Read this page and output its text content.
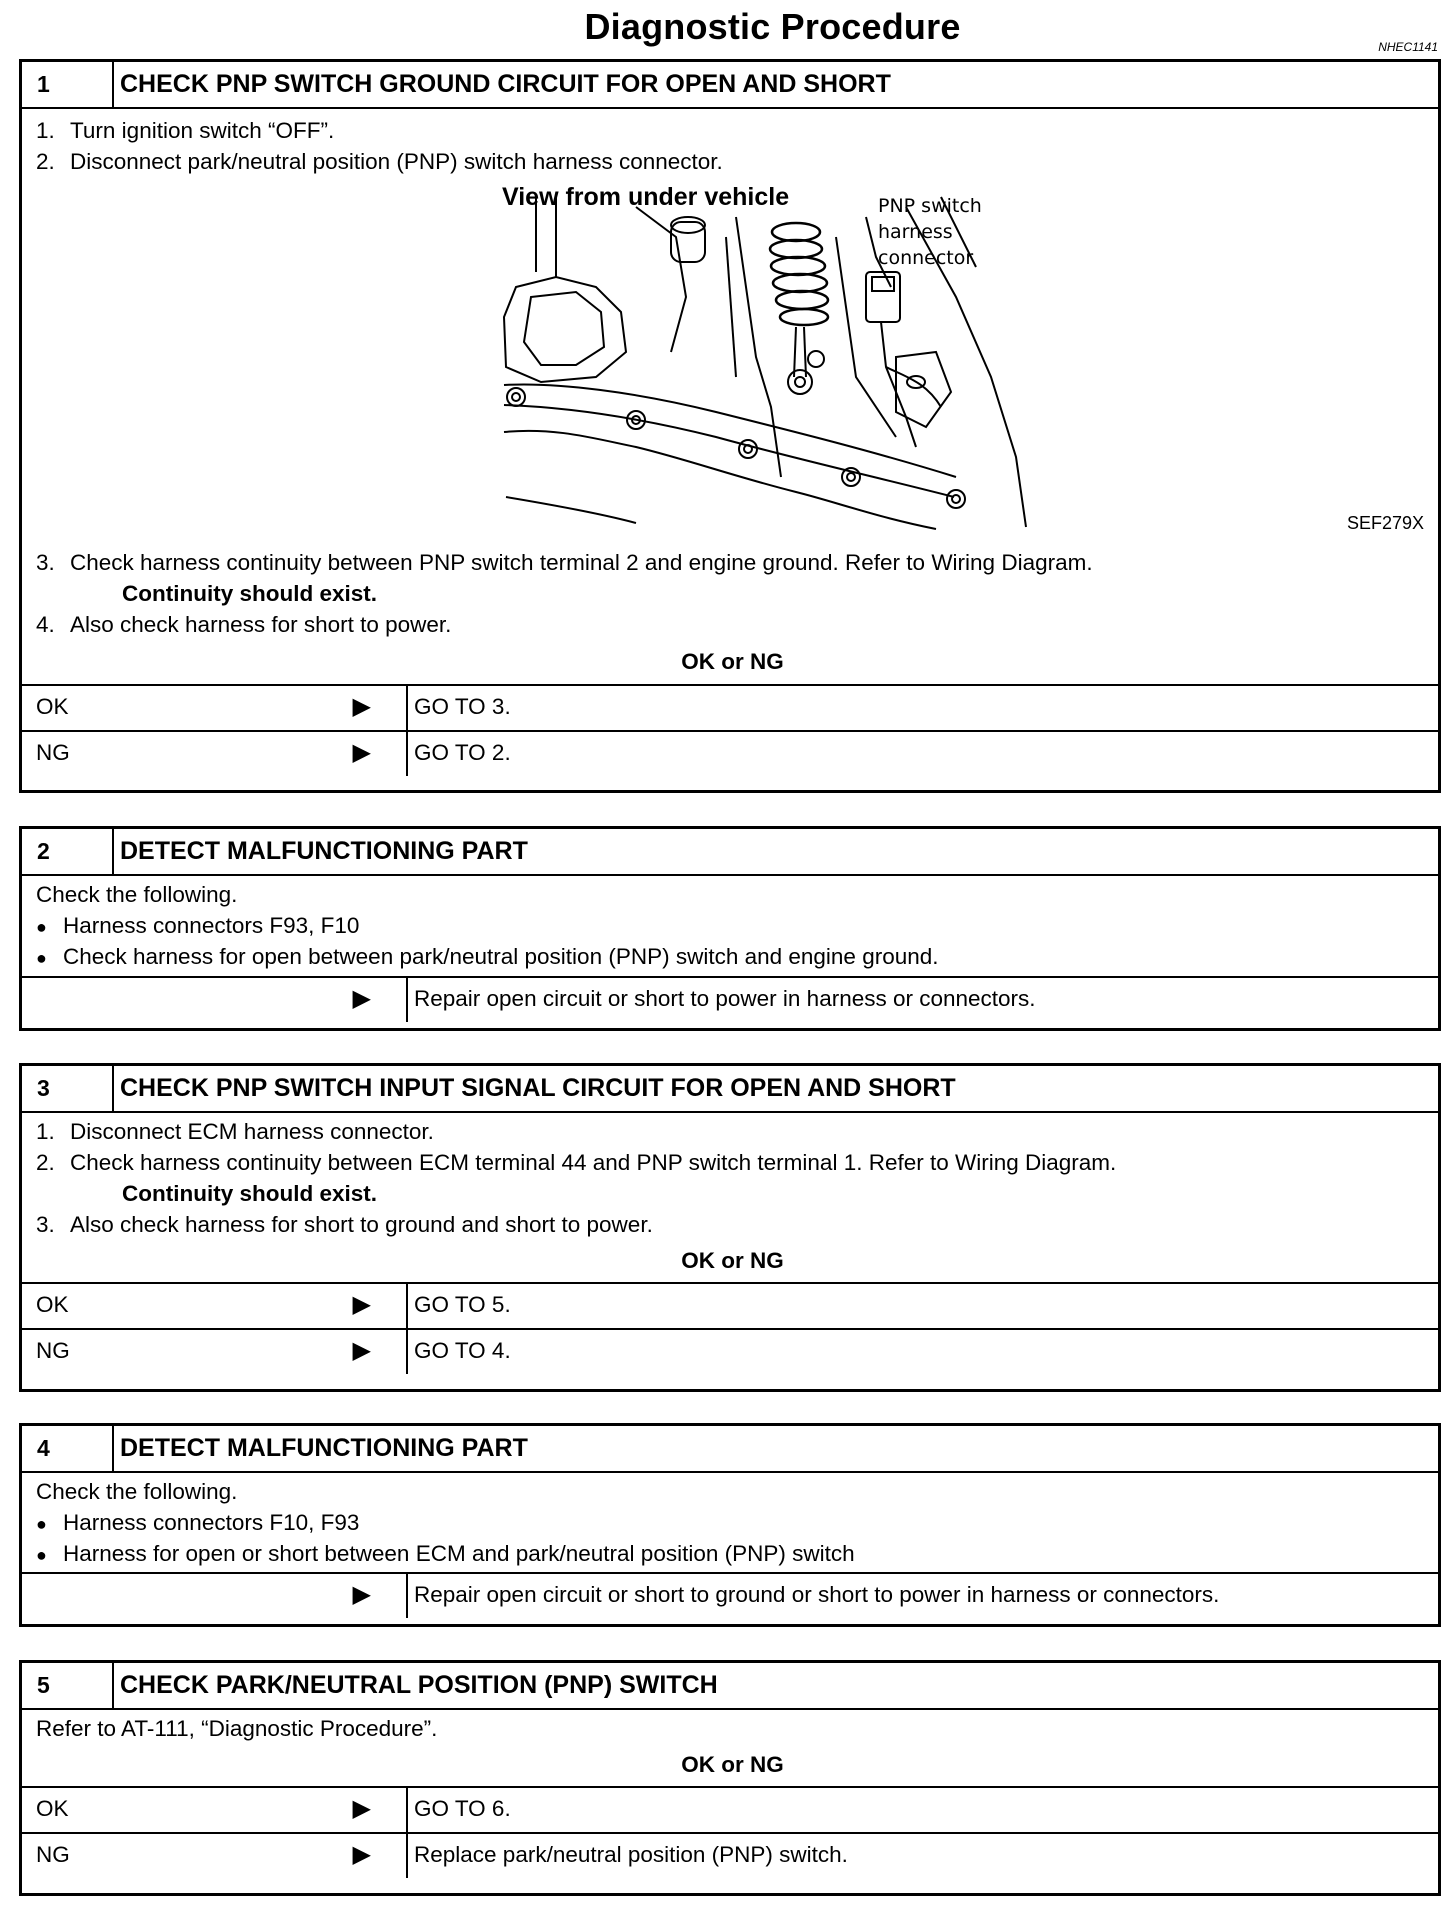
Diagnostic Procedure	NHEC1141
1	CHECK PNP SWITCH GROUND CIRCUIT FOR OPEN AND SHORT
1. Turn ignition switch “OFF”.
2. Disconnect park/neutral position (PNP) switch harness connector.
View from under vehicle	PNP switch
harness
connector
SEF279X
3. Check harness continuity between PNP switch terminal 2 and engine ground. Refer to Wiring Diagram.
Continuity should exist.
4. Also check harness for short to power.
OK or NG
OK	▶ GO TO 3.
NG	▶ GO TO 2.
2	DETECT MALFUNCTIONING PART
Check the following.
● Harness connectors F93, F10
● Check harness for open between park/neutral position (PNP) switch and engine ground.
▶ Repair open circuit or short to power in harness or connectors.
3	CHECK PNP SWITCH INPUT SIGNAL CIRCUIT FOR OPEN AND SHORT
1. Disconnect ECM harness connector.
2. Check harness continuity between ECM terminal 44 and PNP switch terminal 1. Refer to Wiring Diagram.
Continuity should exist.
3. Also check harness for short to ground and short to power.
OK or NG
OK	▶ GO TO 5.
NG	▶ GO TO 4.
4	DETECT MALFUNCTIONING PART
Check the following.
● Harness connectors F10, F93
● Harness for open or short between ECM and park/neutral position (PNP) switch
▶ Repair open circuit or short to ground or short to power in harness or connectors.
5	CHECK PARK/NEUTRAL POSITION (PNP) SWITCH
Refer to AT-111, “Diagnostic Procedure”.
OK or NG
OK	▶ GO TO 6.
NG	▶ Replace park/neutral position (PNP) switch.
